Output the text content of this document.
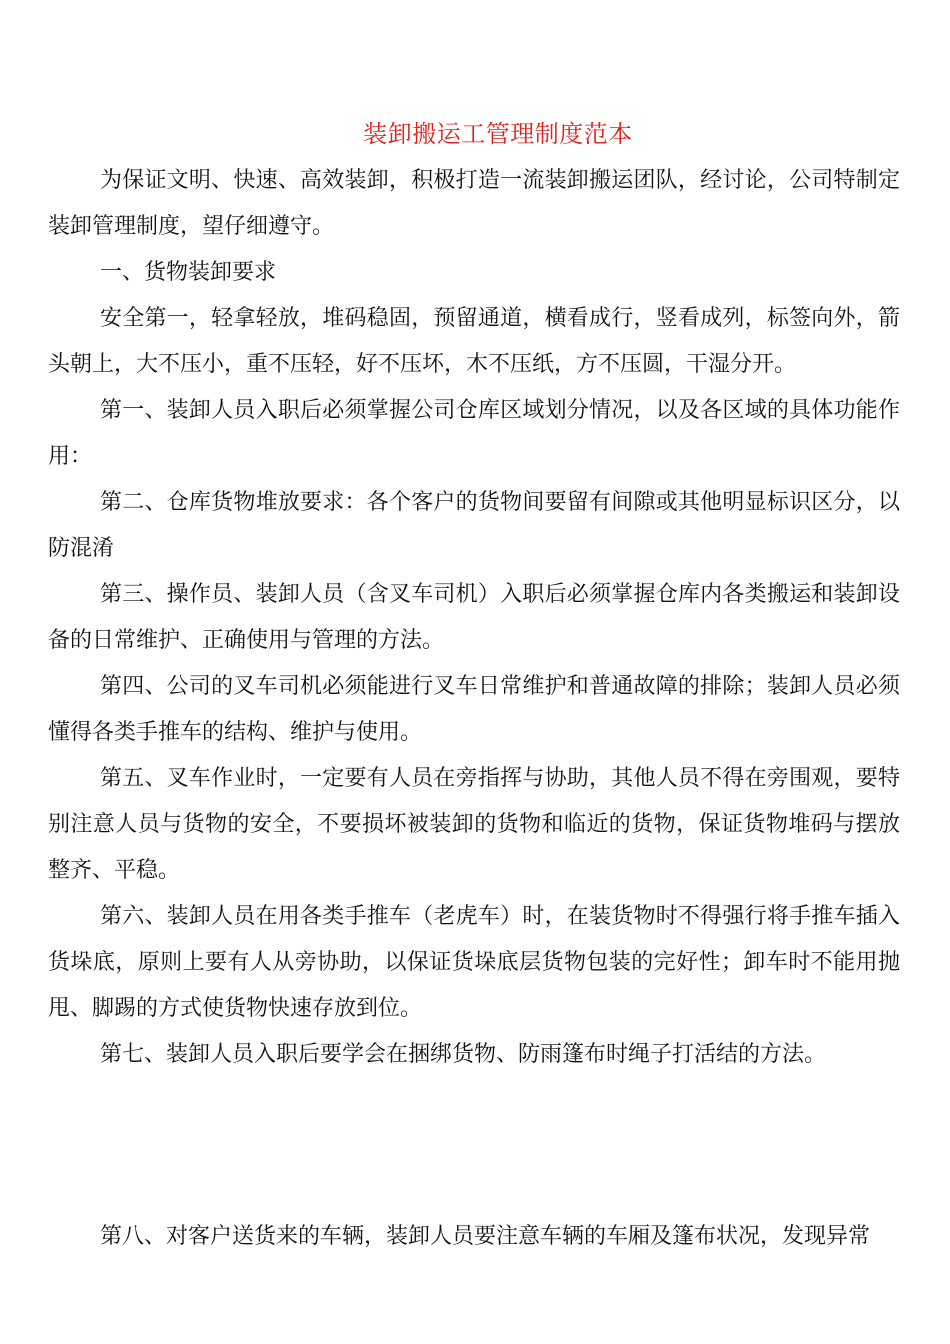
装卸搬运工管理制度范本

为保证文明、快速、高效装卸，积极打造一流装卸搬运团队，经讨论，公司特制定装卸管理制度，望仔细遵守。

一、货物装卸要求

安全第一，轻拿轻放，堆码稳固，预留通道，横看成行，竖看成列，标签向外，箭头朝上，大不压小，重不压轻，好不压坏，木不压纸，方不压圆，干湿分开。

第一、装卸人员入职后必须掌握公司仓库区域划分情况，以及各区域的具体功能作用：

第二、仓库货物堆放要求：各个客户的货物间要留有间隙或其他明显标识区分，以防混淆

第三、操作员、装卸人员（含叉车司机）入职后必须掌握仓库内各类搬运和装卸设备的日常维护、正确使用与管理的方法。

第四、公司的叉车司机必须能进行叉车日常维护和普通故障的排除；装卸人员必须懂得各类手推车的结构、维护与使用。

第五、叉车作业时，一定要有人员在旁指挥与协助，其他人员不得在旁围观，要特别注意人员与货物的安全，不要损坏被装卸的货物和临近的货物，保证货物堆码与摆放整齐、平稳。

第六、装卸人员在用各类手推车（老虎车）时，在装货物时不得强行将手推车插入货垛底，原则上要有人从旁协助，以保证货垛底层货物包装的完好性；卸车时不能用抛甩、脚踢的方式使货物快速存放到位。

第七、装卸人员入职后要学会在捆绑货物、防雨篷布时绳子打活结的方法。

第八、对客户送货来的车辆，装卸人员要注意车辆的车厢及篷布状况，发现异常
